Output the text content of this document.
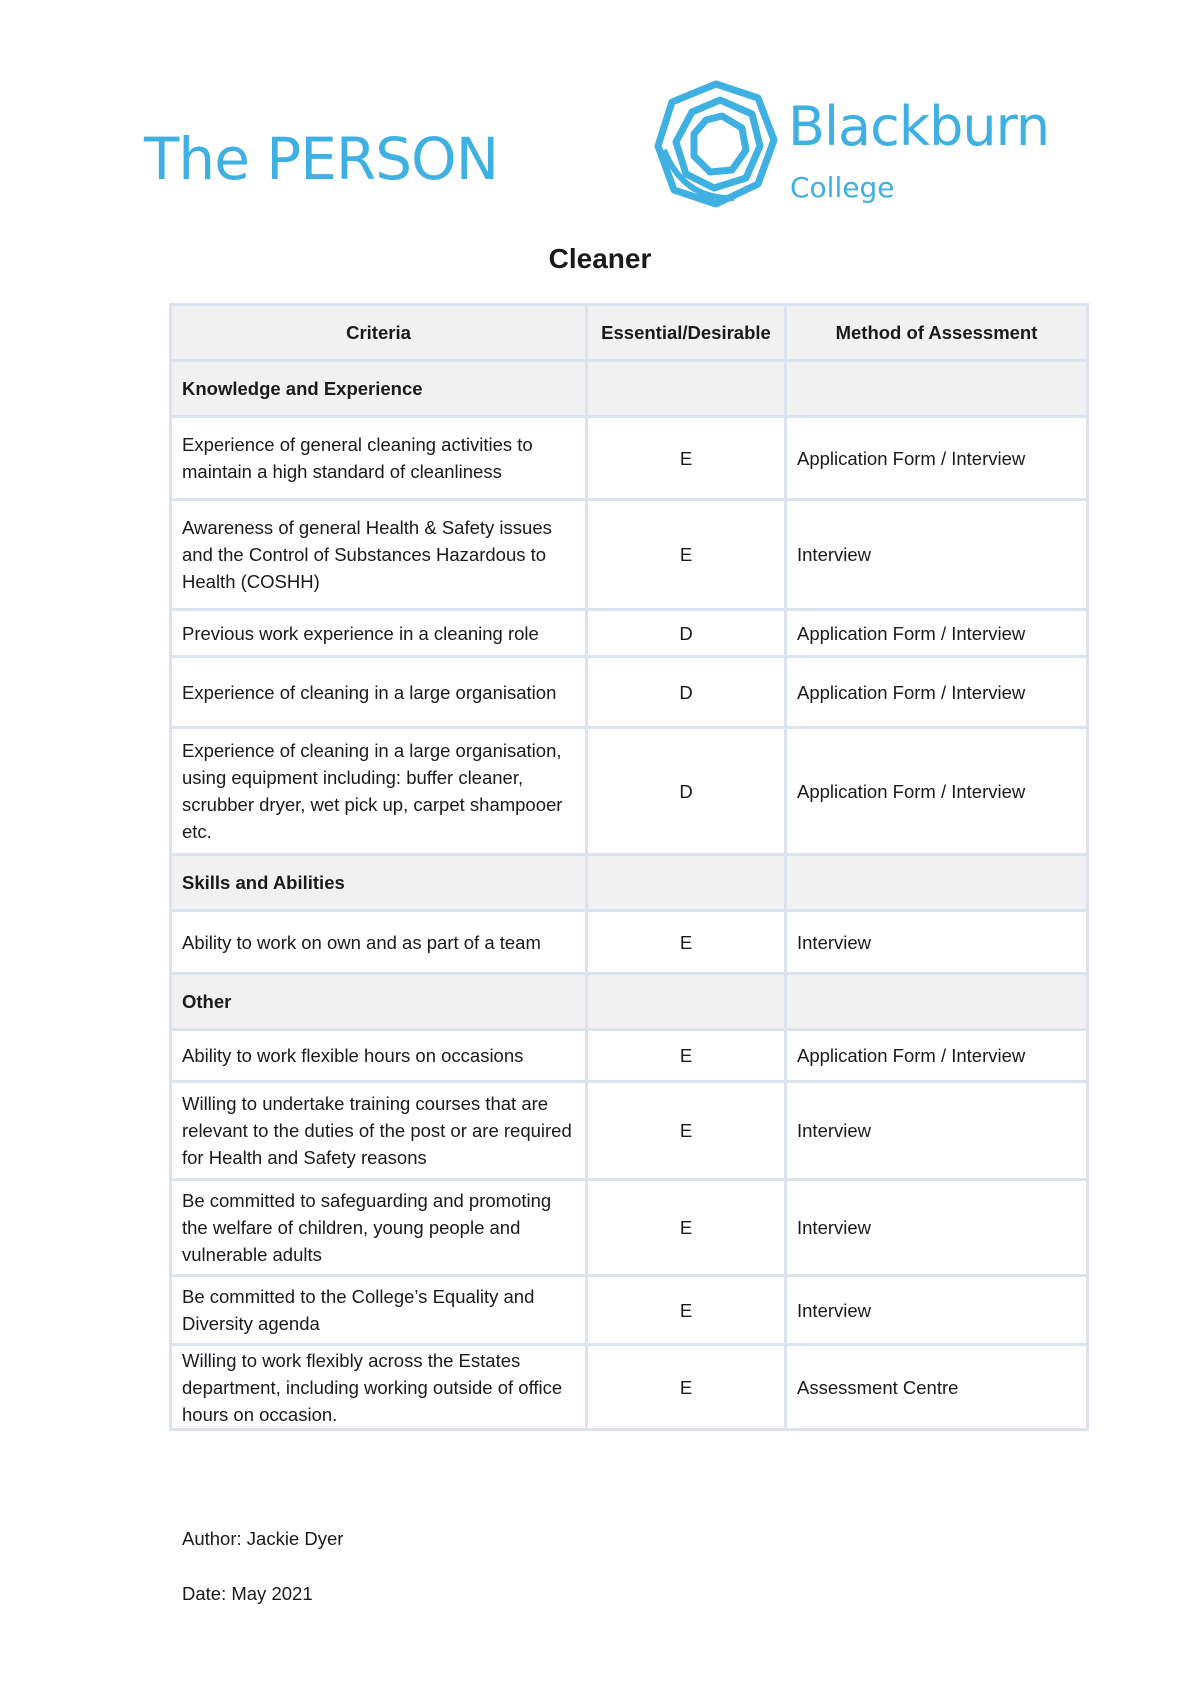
The PERSON	Blackburn
College
Cleaner
Criteria	Essential/Desirable	Method of Assessment
Knowledge and Experience		
Experience of general cleaning activities to maintain a high standard of cleanliness	E	Application Form / Interview
Awareness of general Health & Safety issues and the Control of Substances Hazardous to Health (COSHH)	E	Interview
Previous work experience in a cleaning role	D	Application Form / Interview
Experience of cleaning in a large organisation	D	Application Form / Interview
Experience of cleaning in a large organisation, using equipment including: buffer cleaner, scrubber dryer, wet pick up, carpet shampooer etc.	D	Application Form / Interview
Skills and Abilities		
Ability to work on own and as part of a team	E	Interview
Other		
Ability to work flexible hours on occasions	E	Application Form / Interview
Willing to undertake training courses that are relevant to the duties of the post or are required for Health and Safety reasons	E	Interview
Be committed to safeguarding and promoting the welfare of children, young people and vulnerable adults	E	Interview
Be committed to the College’s Equality and Diversity agenda	E	Interview
Willing to work flexibly across the Estates department, including working outside of office hours on occasion.	E	Assessment Centre
Author: Jackie Dyer
Date: May 2021
